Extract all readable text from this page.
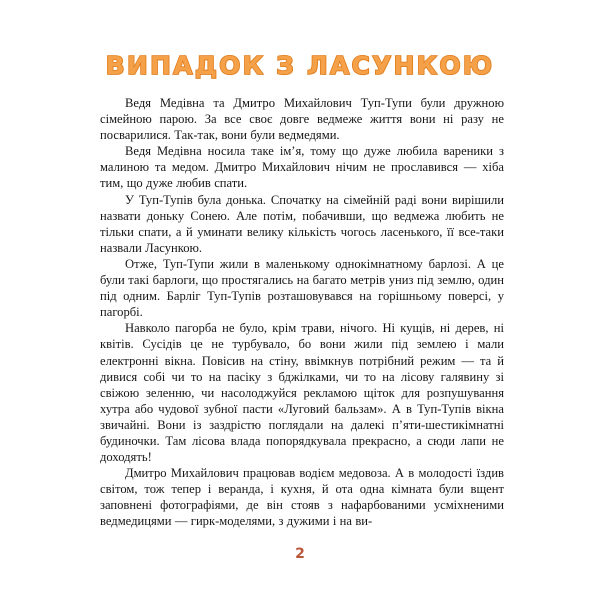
ВИПАДОК З ЛАСУНКОЮ

Ведя Медівна та Дмитро Михайлович Туп-Тупи були дружною сімейною парою. За все своє довге ведмеже життя вони ні разу не посварилися. Так-так, вони були ведмедями.

Ведя Медівна носила таке ім’я, тому що дуже любила вареники з малиною та медом. Дмитро Михайлович нічим не прославився — хіба тим, що дуже любив спати.

У Туп-Тупів була донька. Спочатку на сімейній раді вони вирішили назвати доньку Сонею. Але потім, побачивши, що ведмежа любить не тільки спати, а й уминати велику кількість чогось ласенького, її все-таки назвали Ласункою.

Отже, Туп-Тупи жили в маленькому однокімнатному барлозі. А це були такі барлоги, що простягались на багато метрів униз під землю, один під одним. Барліг Туп-Тупів розташовувався на горішньому поверсі, у пагорбі.

Навколо пагорба не було, крім трави, нічого. Ні кущів, ні дерев, ні квітів. Сусідів це не турбувало, бо вони жили під землею і мали електронні вікна. Повісив на стіну, ввімкнув потрібний режим — та й дивися собі чи то на пасіку з бджілками, чи то на лісову галявину зі свіжою зеленню, чи насолоджуйся рекламою щіток для розпушування хутра або чудової зубної пасти «Луговий бальзам». А в Туп-Тупів вікна звичайні. Вони із заздрістю поглядали на далекі п’яти-шестикімнатні будиночки. Там лісова влада попорядкувала прекрасно, а сюди лапи не доходять!

Дмитро Михайлович працював водієм медовоза. А в молодості їздив світом, тож тепер і веранда, і кухня, й ота одна кімната були вщент заповнені фотографіями, де він стояв з нафарбованими усміхненими ведмедицями — гирк-моделями, з дужими і на ви-

2
